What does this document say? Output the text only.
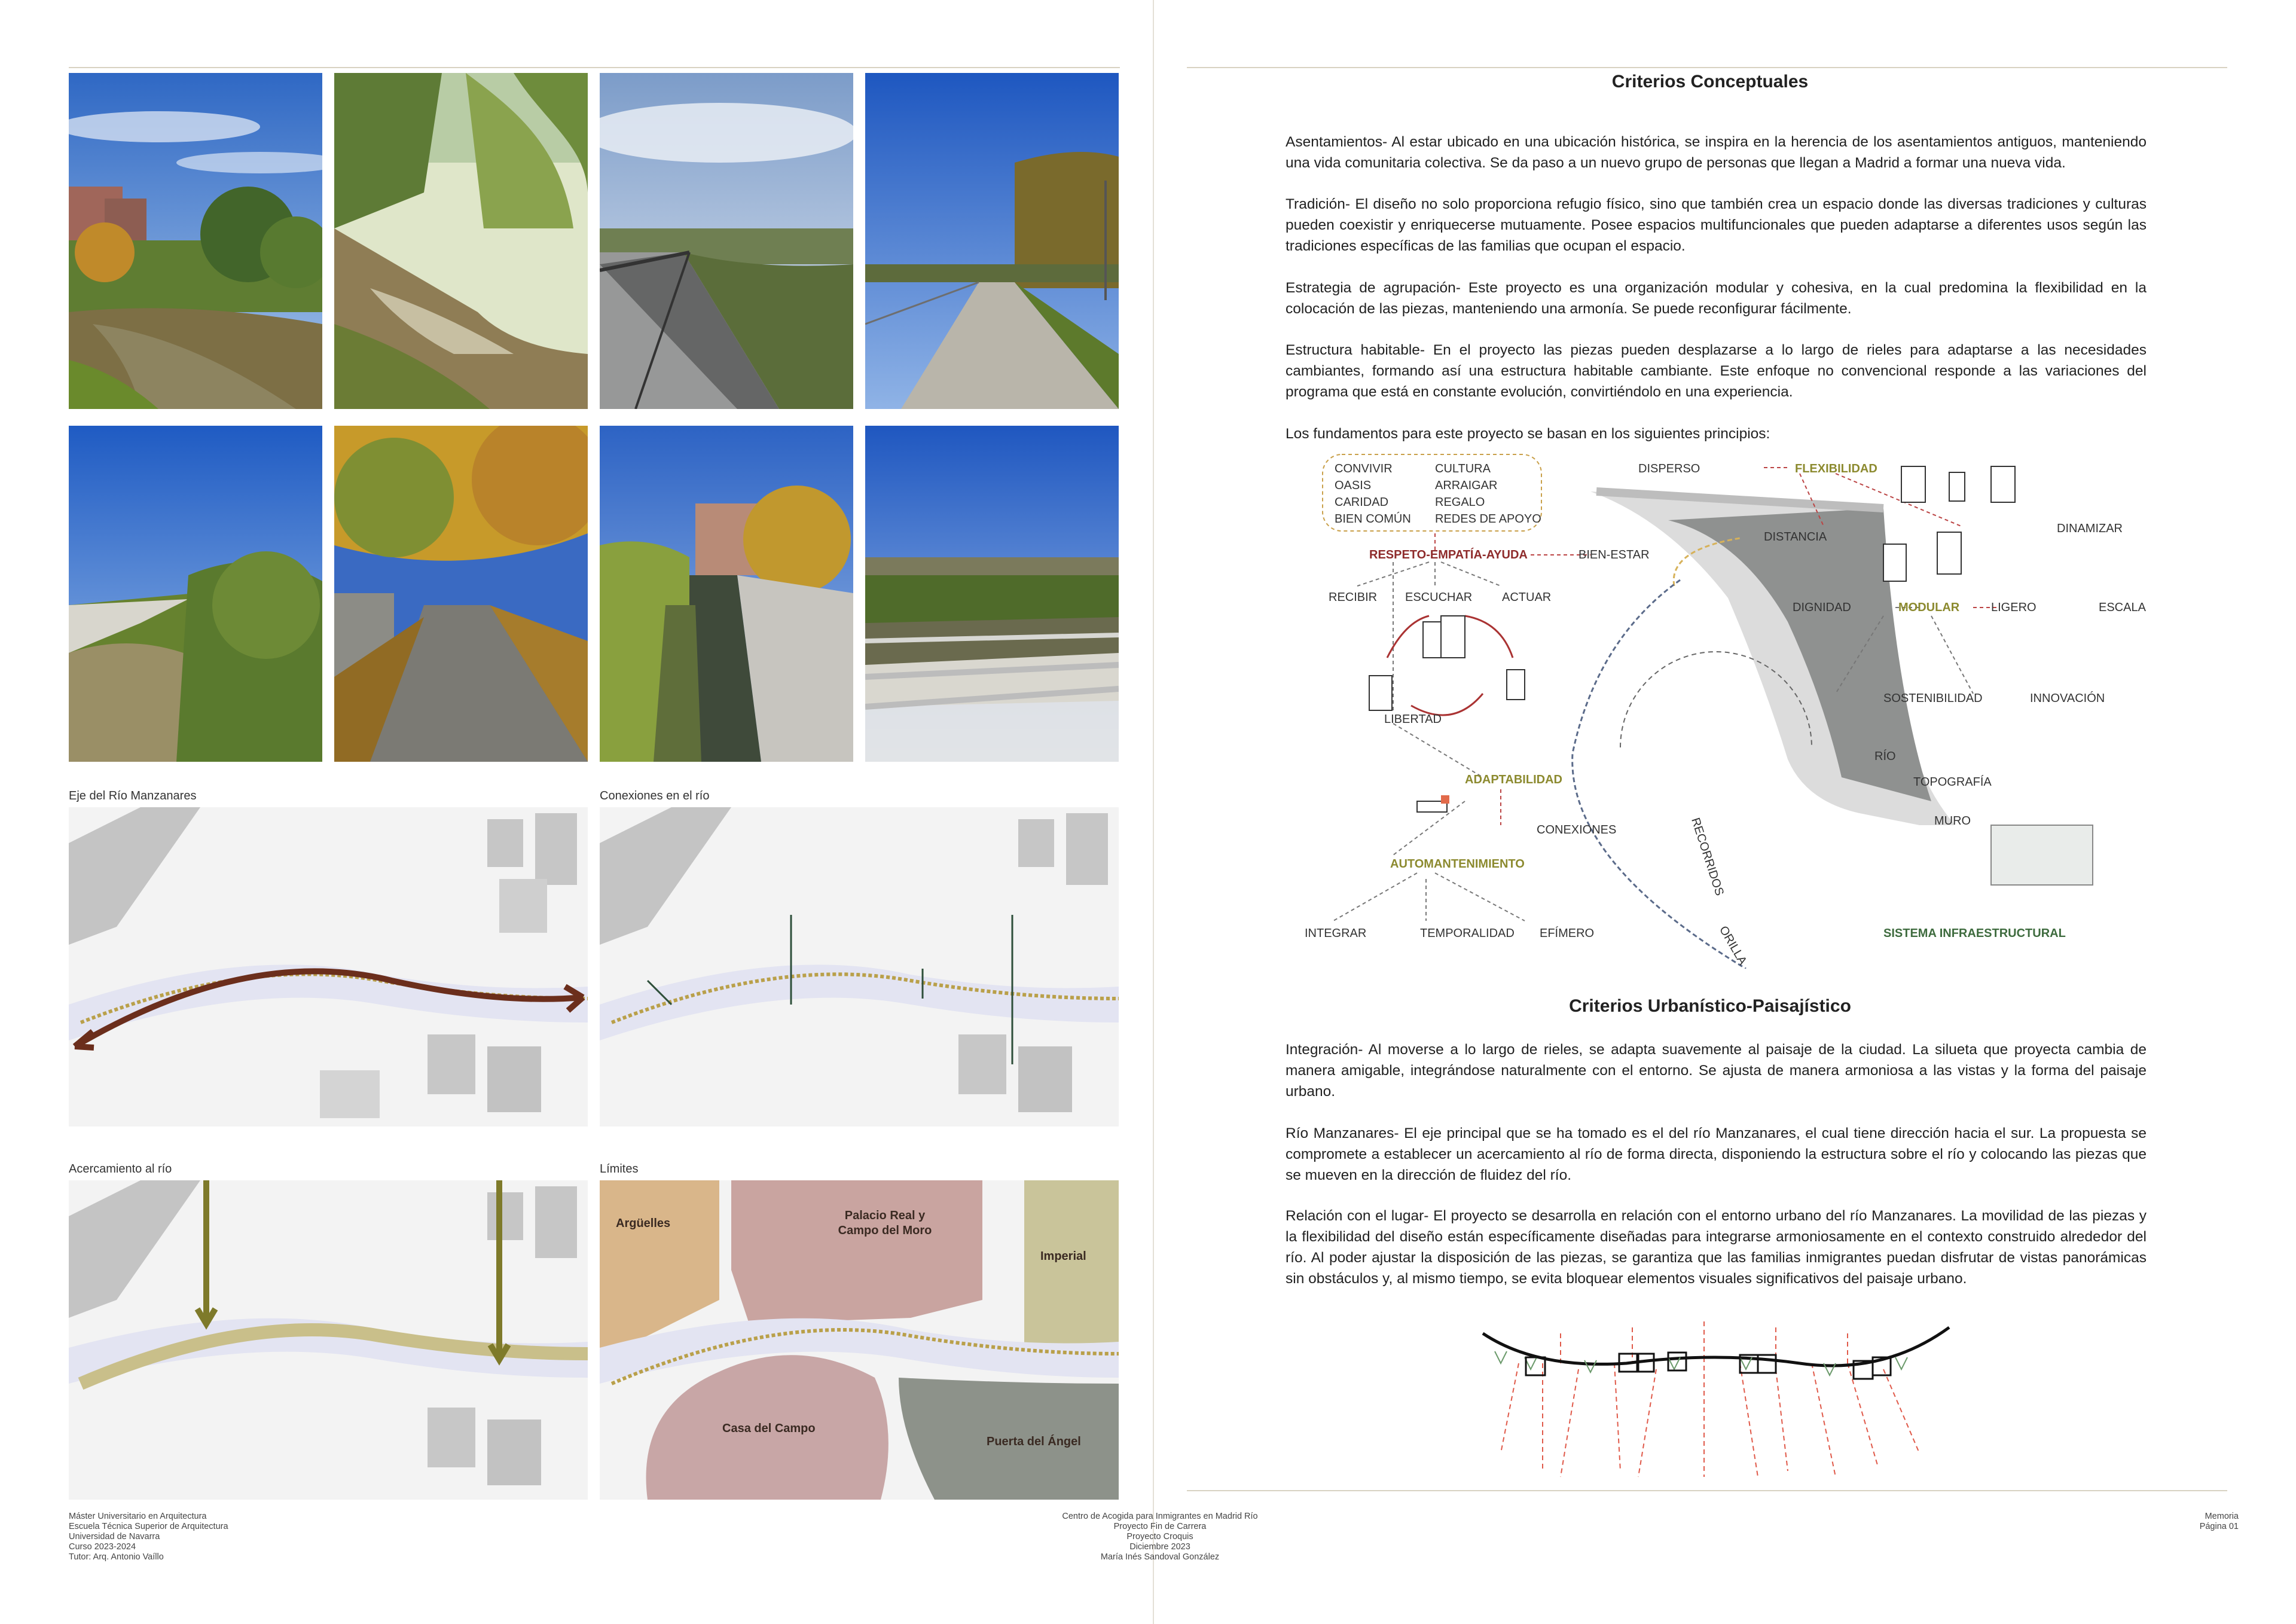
Eje del Río Manzanares	Conexiones en el río
Acercamiento al río	Límites
Argüelles
Palacio Real y
Campo del Moro
Imperial
Casa del Campo
Puerta del Ángel
Criterios Conceptuales

Asentamientos- Al estar ubicado en una ubicación histórica, se inspira en la herencia de los asentamientos antiguos, manteniendo una vida comunitaria colectiva. Se da paso a un nuevo grupo de personas que llegan a Madrid a formar una nueva vida.

Tradición- El diseño no solo proporciona refugio físico, sino que también crea un espacio donde las diversas tradiciones y culturas pueden coexistir y enriquecerse mutuamente. Posee espacios multifuncionales que pueden adaptarse a diferentes usos según las tradiciones específicas de las familias que ocupan el espacio.

Estrategia de agrupación- Este proyecto es una organización modular y cohesiva, en la cual predomina la flexibilidad en la colocación de las piezas, manteniendo una armonía. Se puede reconfigurar fácilmente.

Estructura habitable- En el proyecto las piezas pueden desplazarse a lo largo de rieles para adaptarse a las necesidades cambiantes, formando así una estructura habitable cambiante. Este enfoque no convencional responde a las variaciones del programa que está en constante evolución, convirtiéndolo en una experiencia.

Los fundamentos para este proyecto se basan en los siguientes principios:

CONVIVIR
OASIS
CARIDAD
BIEN COMÚN
CULTURA
ARRAIGAR
REGALO
REDES DE APOYO
RESPETO-EMPATÍA-AYUDA	BIEN-ESTAR
RECIBIR ESCUCHAR ACTUAR
LIBERTAD
ADAPTABILIDAD
CONEXIONES
AUTOMANTENIMIENTO
INTEGRAR	TEMPORALIDAD EFÍMERO
DISPERSO	FLEXIBILIDAD
DISTANCIA
DINAMIZAR
DIGNIDAD	MODULAR	LIGERO	ESCALA
SOSTENIBILIDAD	INNOVACIÓN
RÍO
TOPOGRAFÍA
MURO
RECORRIDOS
ORILLA	SISTEMA INFRAESTRUCTURAL
Criterios Urbanístico-Paisajístico

Integración- Al moverse a lo largo de rieles, se adapta suavemente al paisaje de la ciudad. La silueta que proyecta cambia de manera amigable, integrándose naturalmente con el entorno. Se ajusta de manera armoniosa a las vistas y la forma del paisaje urbano.

Río Manzanares- El eje principal que se ha tomado es el del río Manzanares, el cual tiene dirección hacia el sur. La propuesta se compromete a establecer un acercamiento al río de forma directa, disponiendo la estructura sobre el río y colocando las piezas que se mueven en la dirección de fluidez del río.

Relación con el lugar- El proyecto se desarrolla en relación con el entorno urbano del río Manzanares. La movilidad de las piezas y la flexibilidad del diseño están específicamente diseñadas para integrarse armoniosamente en el contexto construido alrededor del río. Al poder ajustar la disposición de las piezas, se garantiza que las familias inmigrantes puedan disfrutar de vistas panorámicas sin obstáculos y, al mismo tiempo, se evita bloquear elementos visuales significativos del paisaje urbano.

Máster Universitario en Arquitectura
Escuela Técnica Superior de Arquitectura
Universidad de Navarra
Curso 2023-2024
Tutor: Arq. Antonio Vaíllo
Centro de Acogida para Inmigrantes en Madrid Río
Proyecto Fin de Carrera
Proyecto Croquis
Diciembre 2023
María Inés Sandoval González
Memoria
Página 01
